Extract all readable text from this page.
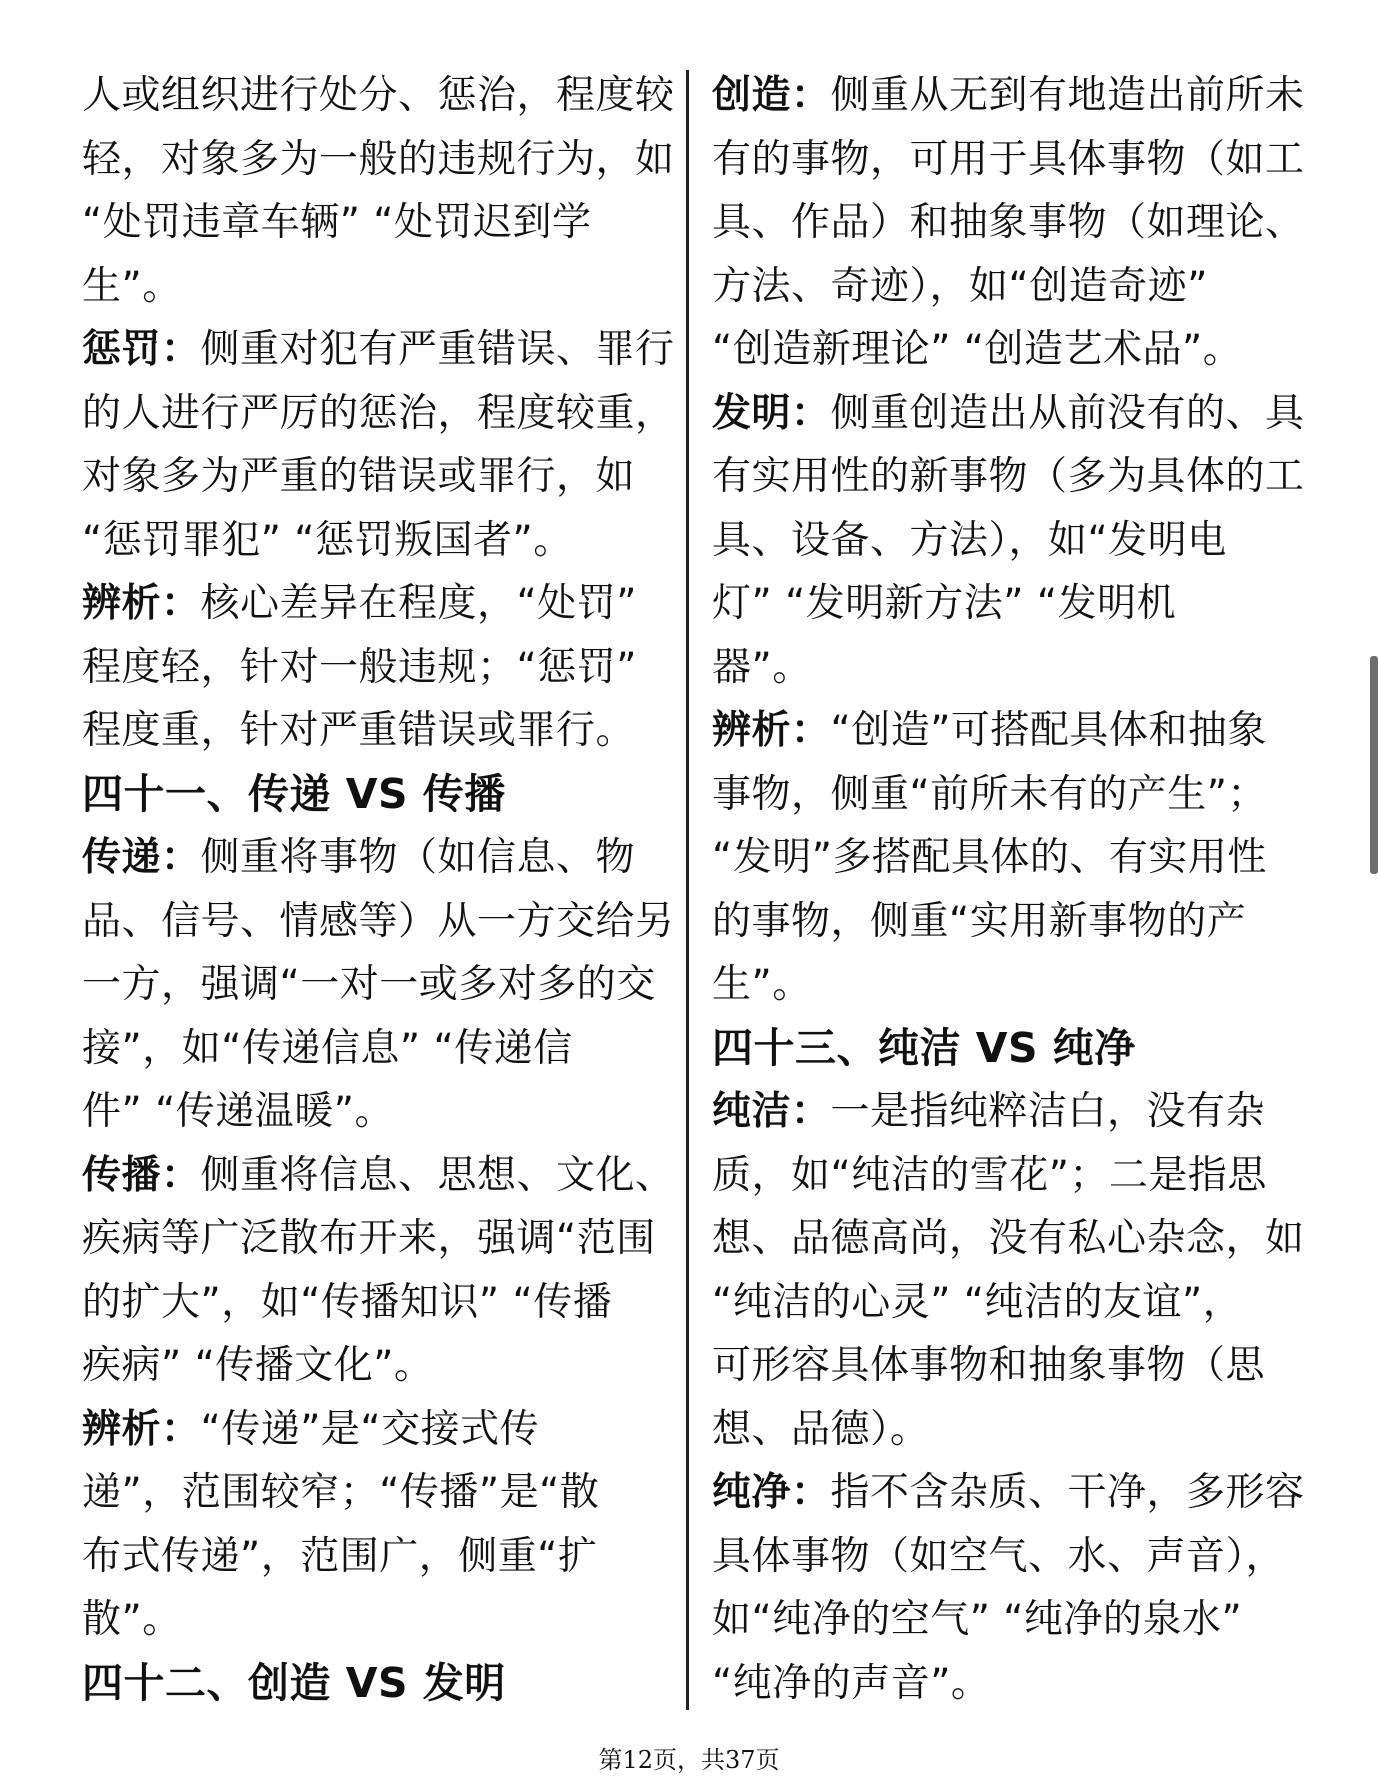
人或组织进行处分、惩治，程度较
轻，对象多为一般的违规行为，如
“处罚违章车辆” “处罚迟到学
生”。
惩罚：侧重对犯有严重错误、罪行
的人进行严厉的惩治，程度较重，
对象多为严重的错误或罪行，如
“惩罚罪犯” “惩罚叛国者”。
辨析：核心差异在程度，“处罚”
程度轻，针对一般违规；“惩罚”
程度重，针对严重错误或罪行。
四十一、传递 VS 传播
传递：侧重将事物（如信息、物
品、信号、情感等）从一方交给另
一方，强调“一对一或多对多的交
接”，如“传递信息” “传递信
件” “传递温暖”。
传播：侧重将信息、思想、文化、
疾病等广泛散布开来，强调“范围
的扩大”，如“传播知识” “传播
疾病” “传播文化”。
辨析：“传递”是“交接式传
递”，范围较窄；“传播”是“散
布式传递”，范围广，侧重“扩
散”。
四十二、创造 VS 发明
创造：侧重从无到有地造出前所未
有的事物，可用于具体事物（如工
具、作品）和抽象事物（如理论、
方法、奇迹），如“创造奇迹”
“创造新理论” “创造艺术品”。
发明：侧重创造出从前没有的、具
有实用性的新事物（多为具体的工
具、设备、方法），如“发明电
灯” “发明新方法” “发明机
器”。
辨析：“创造”可搭配具体和抽象
事物，侧重“前所未有的产生”；
“发明”多搭配具体的、有实用性
的事物，侧重“实用新事物的产
生”。
四十三、纯洁 VS 纯净
纯洁：一是指纯粹洁白，没有杂
质，如“纯洁的雪花”；二是指思
想、品德高尚，没有私心杂念，如
“纯洁的心灵” “纯洁的友谊”，
可形容具体事物和抽象事物（思
想、品德）。
纯净：指不含杂质、干净，多形容
具体事物（如空气、水、声音），
如“纯净的空气” “纯净的泉水”
“纯净的声音”。
第12页，共37页
